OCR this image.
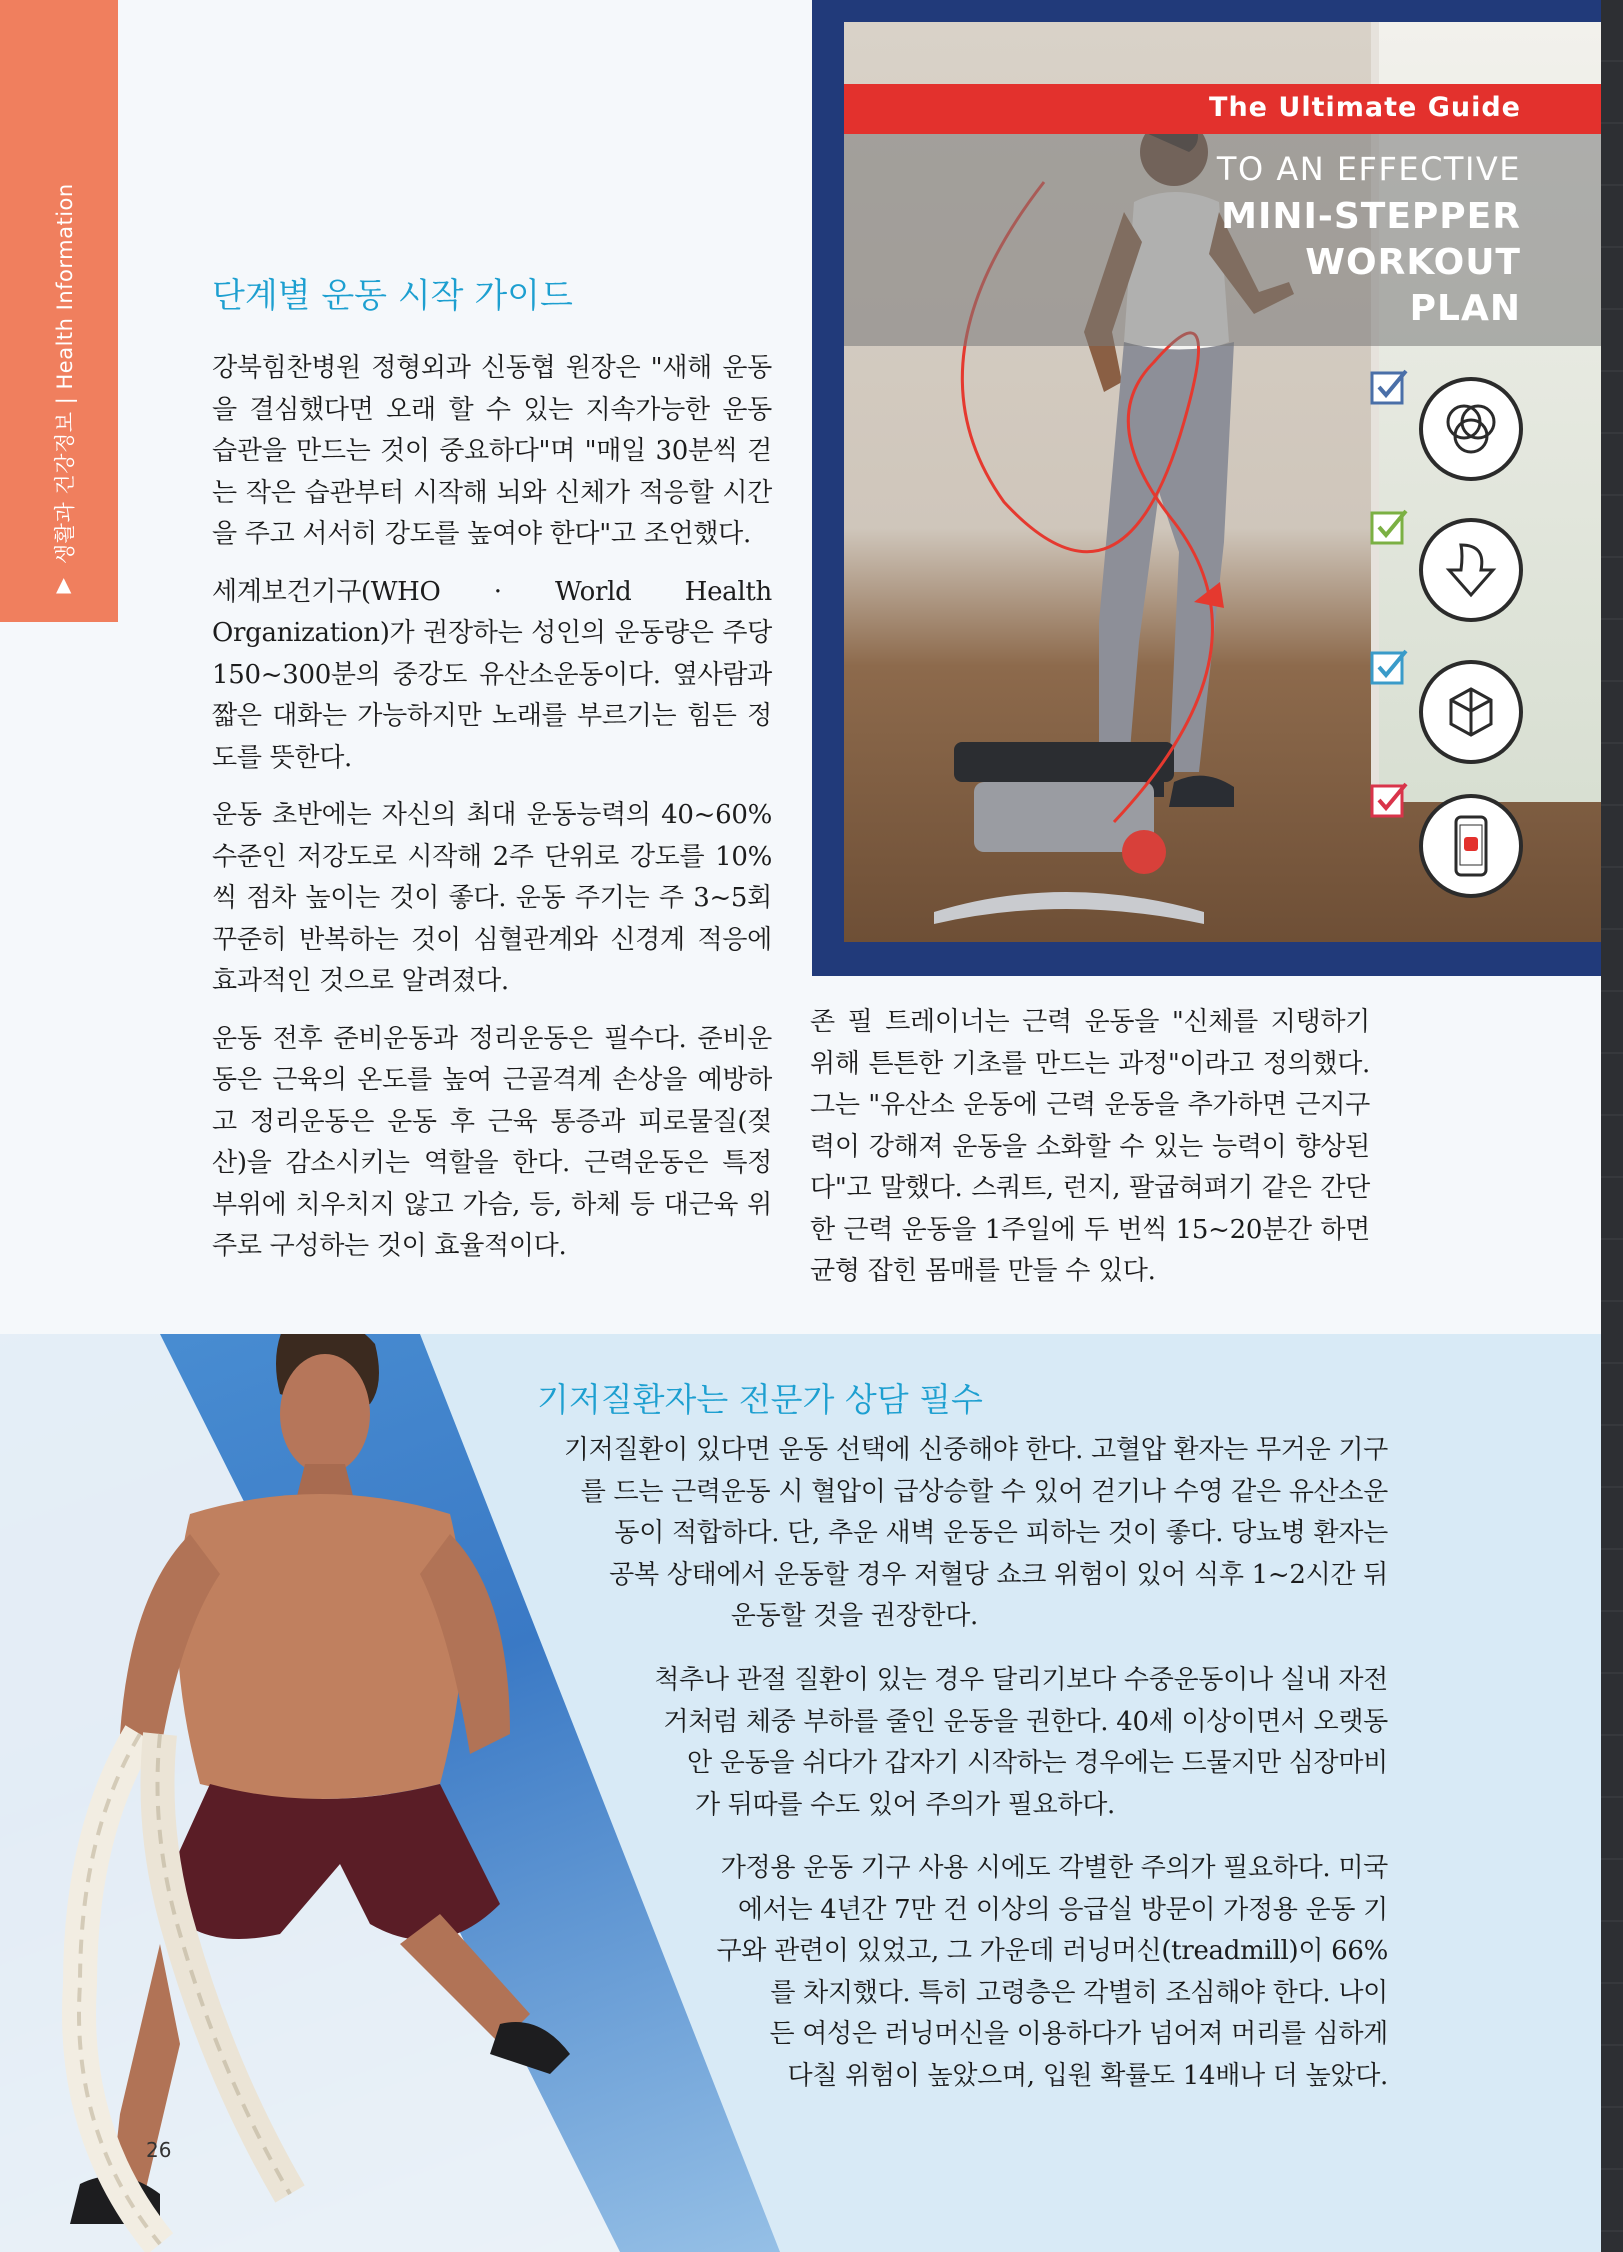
▲
생활과 건강정보 | Health Information	단계별 운동 시작 가이드

강북힘찬병원 정형외과 신동협 원장은 "새해 운동을 결심했다면 오래 할 수 있는 지속가능한 운동 습관을 만드는 것이 중요하다"며 "매일 30분씩 걷는 작은 습관부터 시작해 뇌와 신체가 적응할 시간을 주고 서서히 강도를 높여야 한다"고 조언했다.

세계보건기구(WHO · World Health Organization)가 권장하는 성인의 운동량은 주당 150~300분의 중강도 유산소운동이다. 옆사람과 짧은 대화는 가능하지만 노래를 부르기는 힘든 정도를 뜻한다.

운동 초반에는 자신의 최대 운동능력의 40~60% 수준인 저강도로 시작해 2주 단위로 강도를 10%씩 점차 높이는 것이 좋다. 운동 주기는 주 3~5회 꾸준히 반복하는 것이 심혈관계와 신경계 적응에 효과적인 것으로 알려졌다.

운동 전후 준비운동과 정리운동은 필수다. 준비운동은 근육의 온도를 높여 근골격계 손상을 예방하고 정리운동은 운동 후 근육 통증과 피로물질(젖산)을 감소시키는 역할을 한다. 근력운동은 특정 부위에 치우치지 않고 가슴, 등, 하체 등 대근육 위주로 구성하는 것이 효율적이다.

존 필 트레이너는 근력 운동을 "신체를 지탱하기 위해 튼튼한 기초를 만드는 과정"이라고 정의했다. 그는 "유산소 운동에 근력 운동을 추가하면 근지구력이 강해져 운동을 소화할 수 있는 능력이 향상된다"고 말했다. 스쿼트, 런지, 팔굽혀펴기 같은 간단한 근력 운동을 1주일에 두 번씩 15~20분간 하면 균형 잡힌 몸매를 만들 수 있다.

The Ultimate Guide
TO AN EFFECTIVE
MINI-STEPPER
WORKOUT
PLAN
기저질환자는 전문가 상담 필수
기저질환이 있다면 운동 선택에 신중해야 한다. 고혈압 환자는 무거운 기구
를 드는 근력운동 시 혈압이 급상승할 수 있어 걷기나 수영 같은 유산소운
동이 적합하다. 단, 추운 새벽 운동은 피하는 것이 좋다. 당뇨병 환자는
공복 상태에서 운동할 경우 저혈당 쇼크 위험이 있어 식후 1~2시간 뒤
운동할 것을 권장한다.
척추나 관절 질환이 있는 경우 달리기보다 수중운동이나 실내 자전
거처럼 체중 부하를 줄인 운동을 권한다. 40세 이상이면서 오랫동
안 운동을 쉬다가 갑자기 시작하는 경우에는 드물지만 심장마비
가 뒤따를 수도 있어 주의가 필요하다.
가정용 운동 기구 사용 시에도 각별한 주의가 필요하다. 미국
에서는 4년간 7만 건 이상의 응급실 방문이 가정용 운동 기
구와 관련이 있었고, 그 가운데 러닝머신(treadmill)이 66%
를 차지했다. 특히 고령층은 각별히 조심해야 한다. 나이
든 여성은 러닝머신을 이용하다가 넘어져 머리를 심하게
다칠 위험이 높았으며, 입원 확률도 14배나 더 높았다.
26
